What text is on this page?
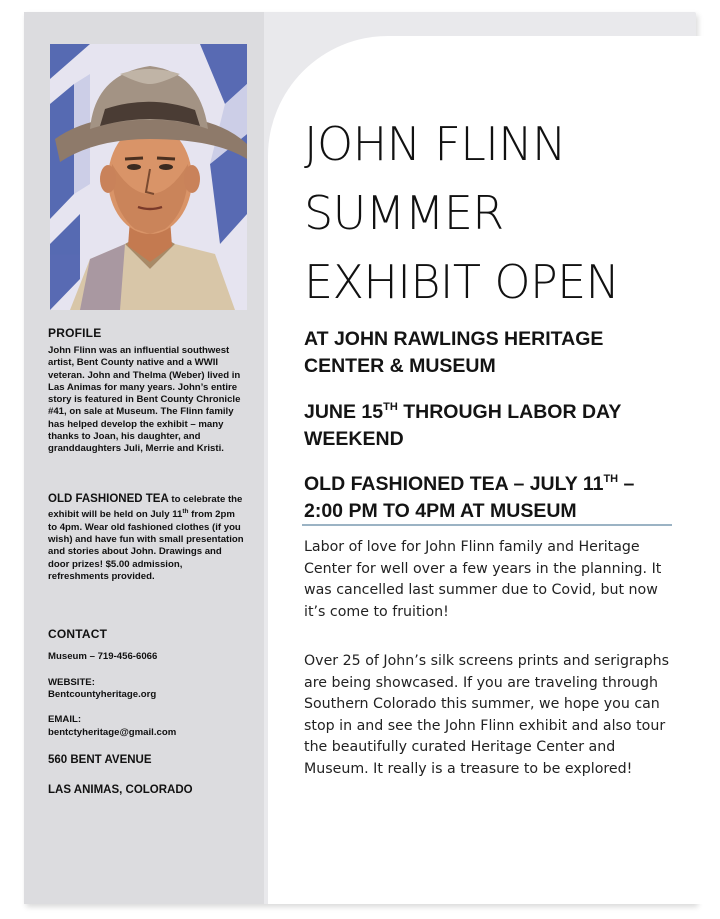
PROFILE
John Flinn was an influential southwest artist, Bent County native and a WWII veteran. John and Thelma (Weber) lived in Las Animas for many years. John’s entire story is featured in Bent County Chronicle #41, on sale at Museum. The Flinn family has helped develop the exhibit – many thanks to Joan, his daughter, and granddaughters Juli, Merrie and Kristi.
OLD FASHIONED TEA to celebrate the exhibit will be held on July 11th from 2pm to 4pm. Wear old fashioned clothes (if you wish) and have fun with small presentation and stories about John. Drawings and door prizes! $5.00 admission, refreshments provided.
CONTACT
Museum – 719-456-6066
WEBSITE:
Bentcountyheritage.org
EMAIL:
bentctyheritage@gmail.com
560 BENT AVENUE
LAS ANIMAS, COLORADO
JOHN FLINN
SUMMER
EXHIBIT OPEN
AT JOHN RAWLINGS HERITAGE CENTER & MUSEUM
JUNE 15TH THROUGH LABOR DAY WEEKEND
OLD FASHIONED TEA – JULY 11TH – 2:00 PM TO 4PM AT MUSEUM
Labor of love for John Flinn family and Heritage Center for well over a few years in the planning. It was cancelled last summer due to Covid, but now it’s come to fruition!
Over 25 of John’s silk screens prints and serigraphs are being showcased. If you are traveling through Southern Colorado this summer, we hope you can stop in and see the John Flinn exhibit and also tour the beautifully curated Heritage Center and Museum. It really is a treasure to be explored!
